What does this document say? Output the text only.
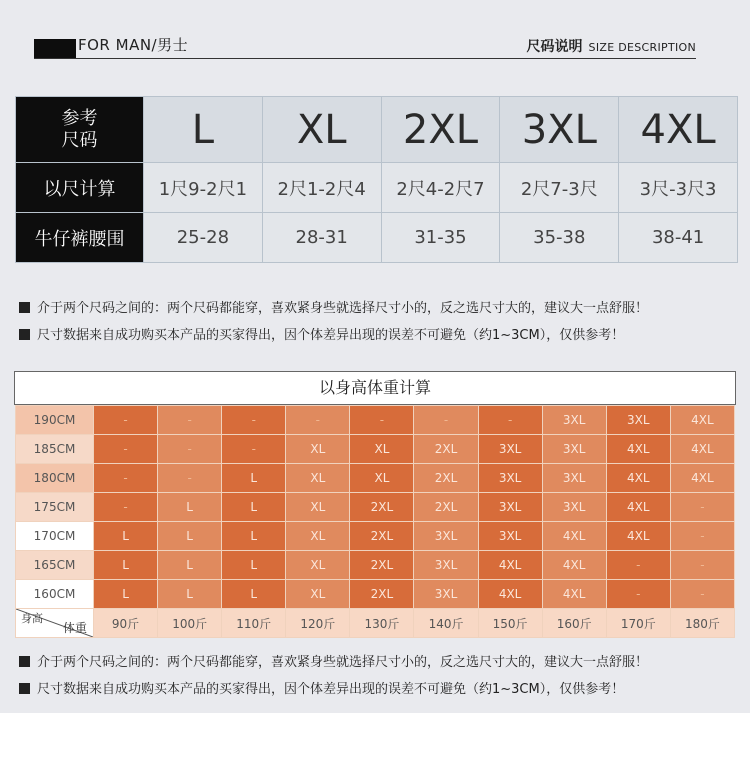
FOR MAN/男士	尺码说明 SIZE DESCRIPTION
参考
尺码	L	XL	2XL	3XL	4XL
以尺计算	1尺9-2尺1	2尺1-2尺4	2尺4-2尺7	2尺7-3尺	3尺-3尺3
牛仔裤腰围	25-28	28-31	31-35	35-38	38-41
介于两个尺码之间的：两个尺码都能穿，喜欢紧身些就选择尺寸小的，反之选尺寸大的，建议大一点舒服！
尺寸数据来自成功购买本产品的买家得出，因个体差异出现的误差不可避免（约1~3CM），仅供参考！
以身高体重计算
190CM	-	-	-	-	-	-	-	3XL	3XL	4XL
185CM	-	-	-	XL	XL	2XL	3XL	3XL	4XL	4XL
180CM	-	-	L	XL	XL	2XL	3XL	3XL	4XL	4XL
175CM	-	L	L	XL	2XL	2XL	3XL	3XL	4XL	-
170CM	L	L	L	XL	2XL	3XL	3XL	4XL	4XL	-
165CM	L	L	L	XL	2XL	3XL	4XL	4XL	-	-
160CM	L	L	L	XL	2XL	3XL	4XL	4XL	-	-

身高
体重	90斤	100斤	110斤	120斤	130斤	140斤	150斤	160斤	170斤	180斤
介于两个尺码之间的：两个尺码都能穿，喜欢紧身些就选择尺寸小的，反之选尺寸大的，建议大一点舒服！
尺寸数据来自成功购买本产品的买家得出，因个体差异出现的误差不可避免（约1~3CM），仅供参考！
